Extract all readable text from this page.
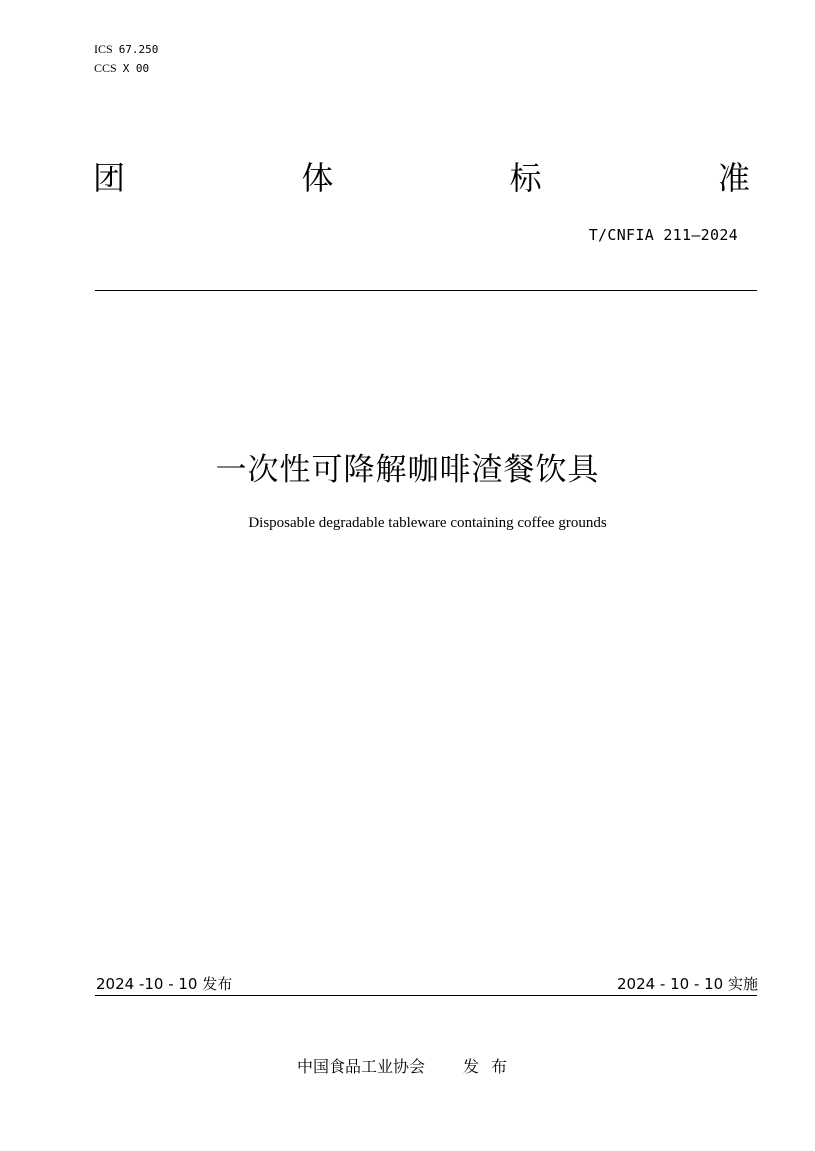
ICS 67.250
CCS X 00
团	体	标	准
T/CNFIA 211—2024
一次性可降解咖啡渣餐饮具
Disposable degradable tableware containing coffee grounds
2024 -10 - 10 发布	2024 - 10 - 10 实施
中国食品工业协会 发布
